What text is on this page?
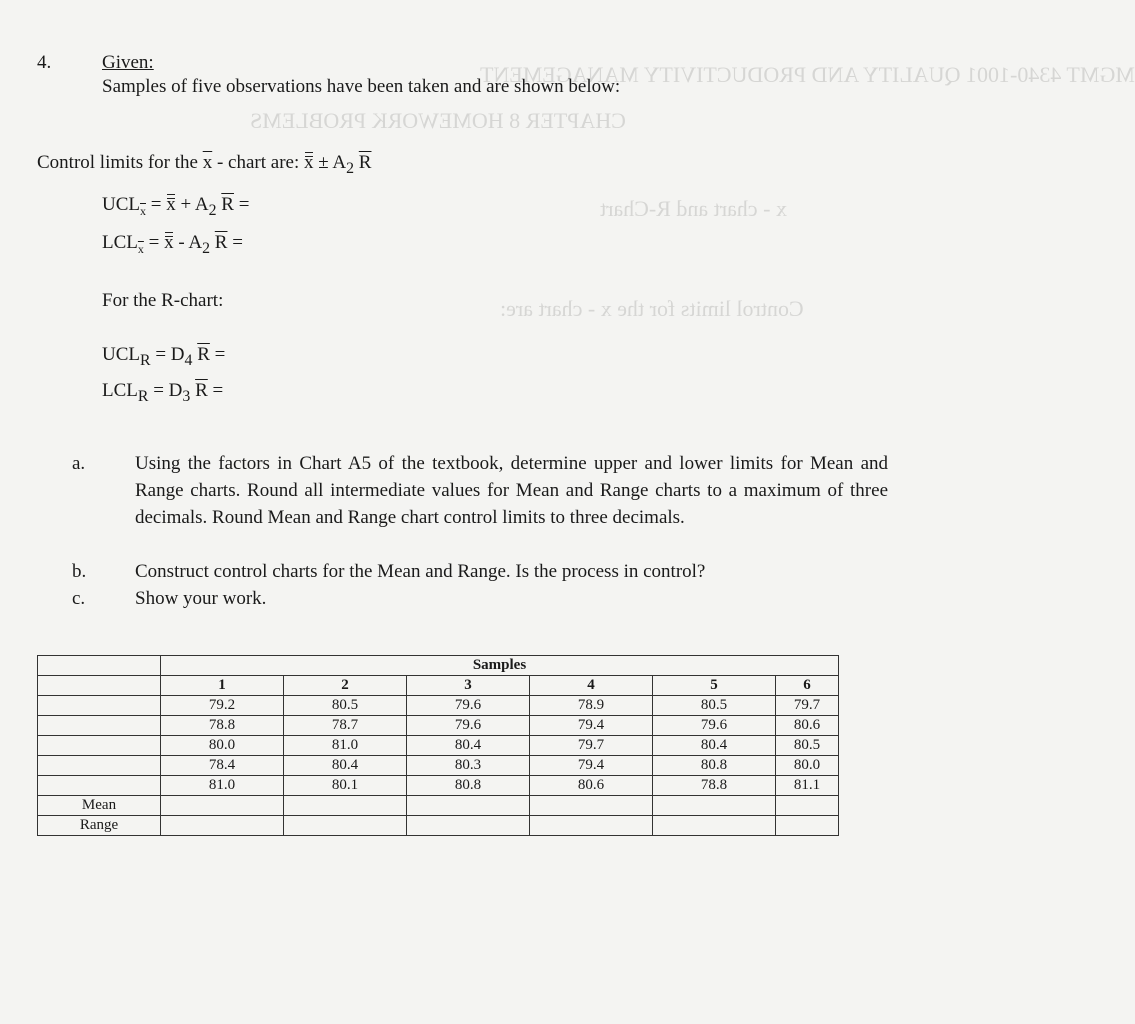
MGMT 4340-1001 QUALITY AND PRODUCTIVITY MANAGEMENT
CHAPTER 8 HOMEWORK PROBLEMS
x - chart and R-Chart
Control limits for the x - chart are:
4.	Given:
Samples of five observations have been taken and are shown below:
Control limits for the $\overline{x}$ - chart are: $x \pm A_2$ $\overline{R}$
$UCL_{\overline{x}} = x + A_2$ $\overline{R}$ =
$LCL_{\overline{x}} = x - A_2$ $\overline{R}$ =
For the R-chart:
$UCL_R = D_4$ $\overline{R}$ =
$LCL_R = D_3$ $\overline{R}$ =
a.	Using the factors in Chart A5 of the textbook, determine upper and lower limits for Mean and Range charts. Round all intermediate values for Mean and Range charts to a maximum of three decimals. Round Mean and Range chart control limits to three decimals.
b.	Construct control charts for the Mean and Range. Is the process in control?
c.	Show your work.
	Samples					
	1	2	3	4	5	6
	79.2	80.5	79.6	78.9	80.5	79.7
	78.8	78.7	79.6	79.4	79.6	80.6
	80.0	81.0	80.4	79.7	80.4	80.5
	78.4	80.4	80.3	79.4	80.8	80.0
	81.0	80.1	80.8	80.6	78.8	81.1
Mean						
Range						
